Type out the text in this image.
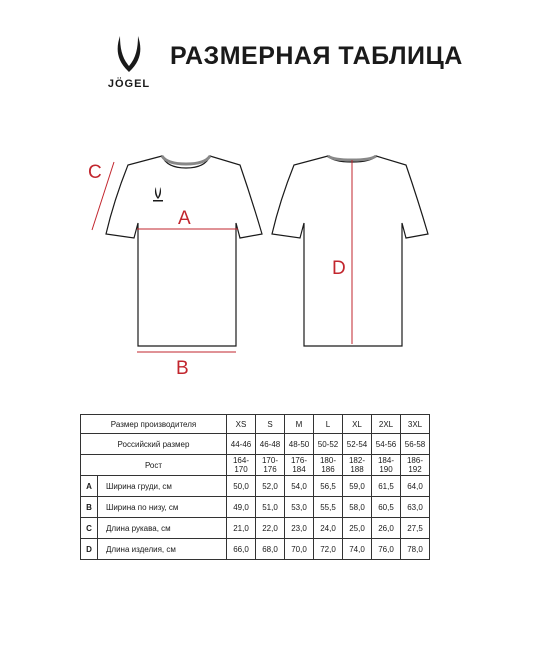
JÖGEL
РАЗМЕРНАЯ ТАБЛИЦА
C
A
B
D
Размер производителя		XS	S	M	L	XL	2XL	3XL
Российский размер		44-46	46-48	48-50	50-52	52-54	54-56	56-58
Рост		164-170	170-176	176-184	180-186	182-188	184-190	186-192
A	Ширина груди, см	50,0	52,0	54,0	56,5	59,0	61,5	64,0
B	Ширина по низу, см	49,0	51,0	53,0	55,5	58,0	60,5	63,0
C	Длина рукава, см	21,0	22,0	23,0	24,0	25,0	26,0	27,5
D	Длина изделия, см	66,0	68,0	70,0	72,0	74,0	76,0	78,0
